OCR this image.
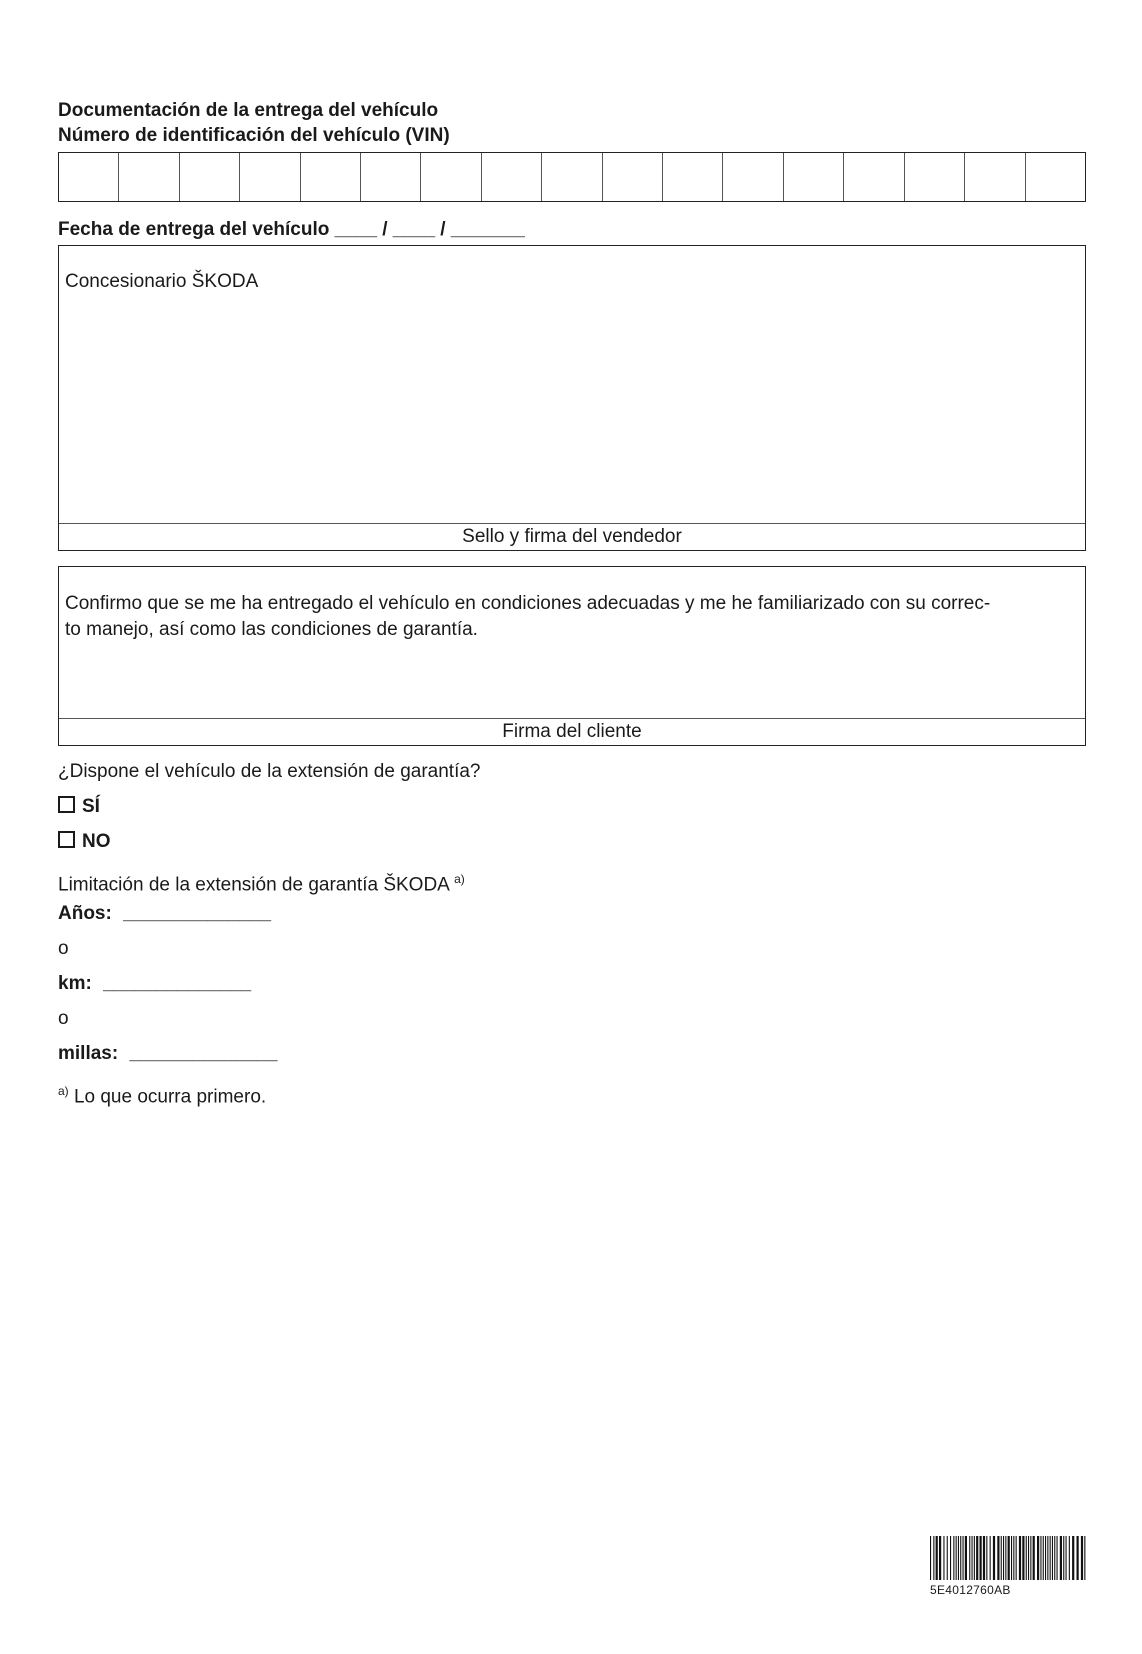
Documentación de la entrega del vehículo
Número de identificación del vehículo (VIN)
Fecha de entrega del vehículo ____ / ____ / _______
Concesionario ŠKODA
Sello y firma del vendedor
Confirmo que se me ha entregado el vehículo en condiciones adecuadas y me he familiarizado con su correc-
to manejo, así como las condiciones de garantía.
Firma del cliente
¿Dispone el vehículo de la extensión de garantía?
SÍ
NO
Limitación de la extensión de garantía ŠKODA $^{a)}$
Años: ______________
o
km: ______________
o
millas: ______________
$^{a)}$ Lo que ocurra primero.
5E4012760AB
